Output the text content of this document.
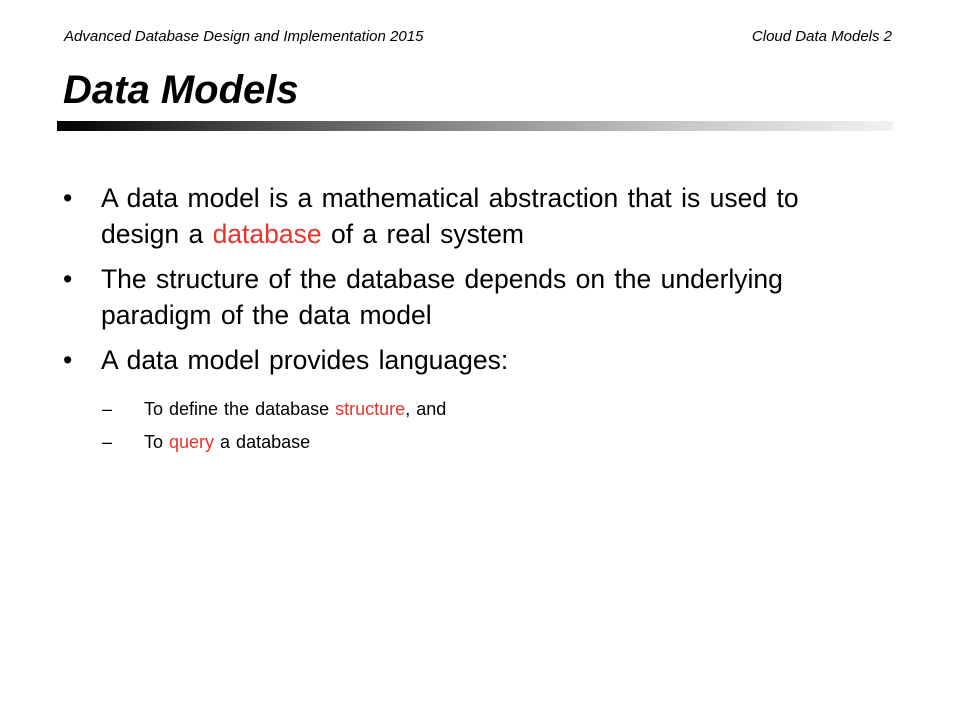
Advanced Database Design and Implementation 2015	Cloud Data Models 2
Data Models
• A data model is a mathematical abstraction that is used to design a database of a real system
• The structure of the database depends on the underlying paradigm of the data model
• A data model provides languages:
– To define the database structure, and
– To query a database
